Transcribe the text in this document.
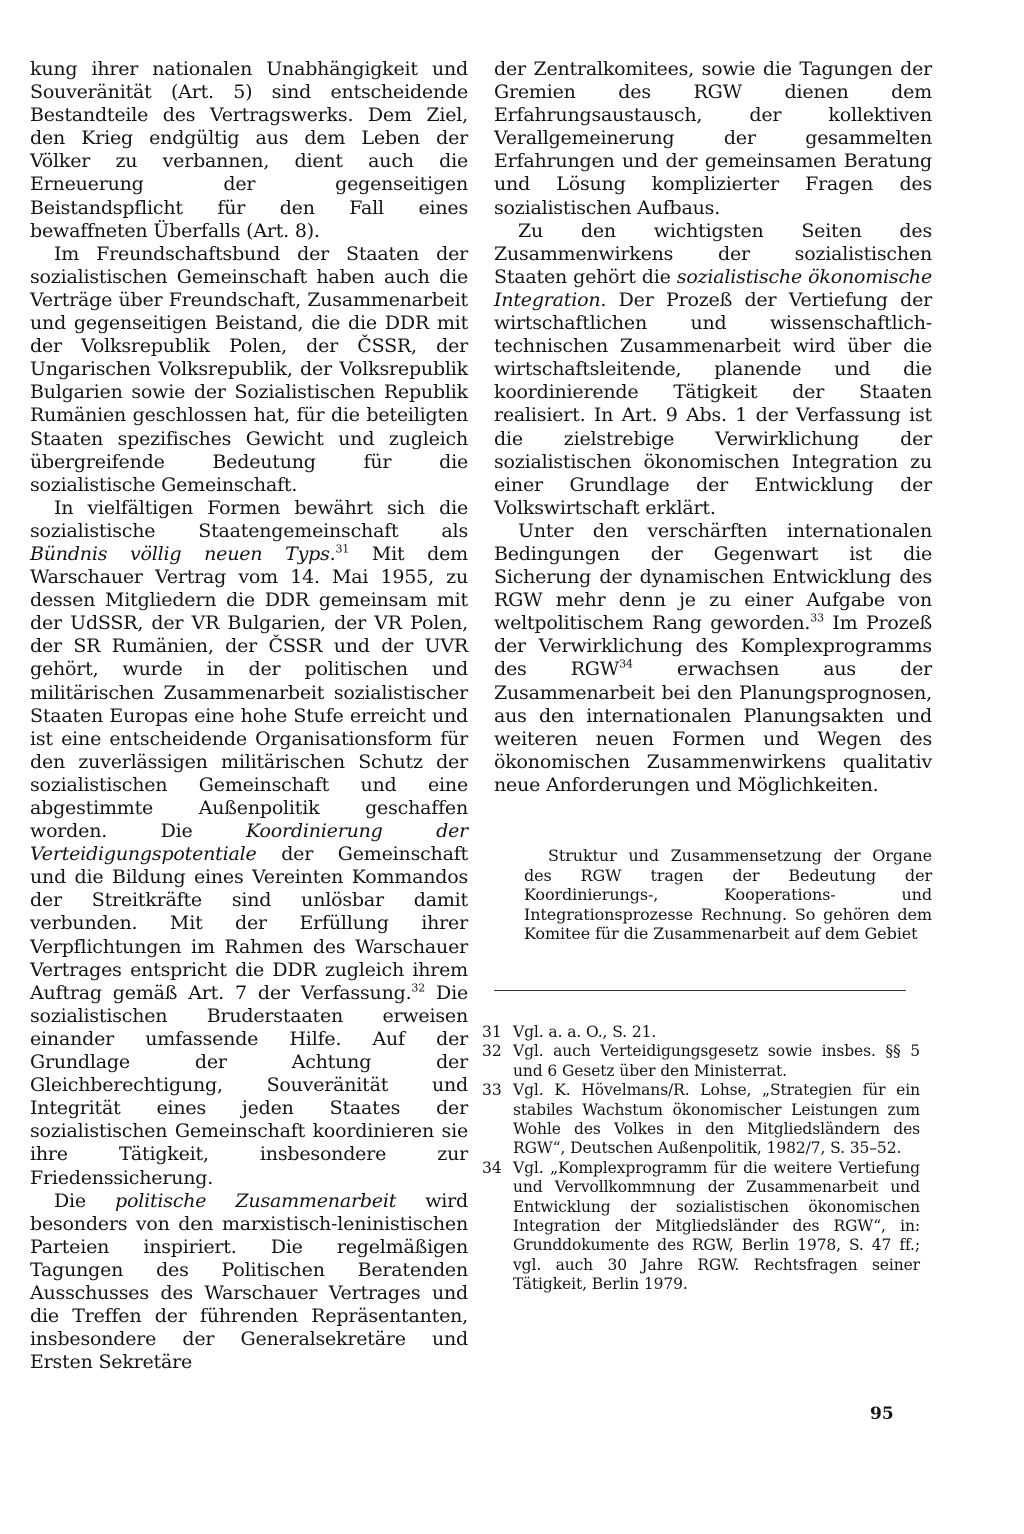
kung ihrer nationalen Unabhängigkeit und Souveränität (Art. 5) sind entscheidende Bestandteile des Vertragswerks. Dem Ziel, den Krieg endgültig aus dem Leben der Völker zu verbannen, dient auch die Erneuerung der gegenseitigen Beistandspflicht für den Fall eines bewaffneten Überfalls (Art. 8).

Im Freundschaftsbund der Staaten der sozialistischen Gemeinschaft haben auch die Verträge über Freundschaft, Zusammenarbeit und gegenseitigen Beistand, die die DDR mit der Volksrepublik Polen, der ČSSR, der Ungarischen Volksrepublik, der Volksrepublik Bulgarien sowie der Sozialistischen Republik Rumänien geschlossen hat, für die beteiligten Staaten spezifisches Gewicht und zugleich übergreifende Bedeutung für die sozialistische Gemeinschaft.

In vielfältigen Formen bewährt sich die sozialistische Staatengemeinschaft als Bündnis völlig neuen Typs.$^{31}$ Mit dem Warschauer Vertrag vom 14. Mai 1955, zu dessen Mitgliedern die DDR gemeinsam mit der UdSSR, der VR Bulgarien, der VR Polen, der SR Rumänien, der ČSSR und der UVR gehört, wurde in der politischen und militärischen Zusammenarbeit sozialistischer Staaten Europas eine hohe Stufe erreicht und ist eine entscheidende Organisationsform für den zuverlässigen militärischen Schutz der sozialistischen Gemeinschaft und eine abgestimmte Außenpolitik geschaffen worden. Die Koordinierung der Verteidigungspotentiale der Gemeinschaft und die Bildung eines Vereinten Kommandos der Streitkräfte sind unlösbar damit verbunden. Mit der Erfüllung ihrer Verpflichtungen im Rahmen des Warschauer Vertrages entspricht die DDR zugleich ihrem Auftrag gemäß Art. 7 der Verfassung.$^{32}$ Die sozialistischen Bruderstaaten erweisen einander umfassende Hilfe. Auf der Grundlage der Achtung der Gleichberechtigung, Souveränität und Integrität eines jeden Staates der sozialistischen Gemeinschaft koordinieren sie ihre Tätigkeit, insbesondere zur Friedenssicherung.

Die politische Zusammenarbeit wird besonders von den marxistisch-leninistischen Parteien inspiriert. Die regelmäßigen Tagungen des Politischen Beratenden Ausschusses des Warschauer Vertrages und die Treffen der führenden Repräsentanten, insbesondere der Generalsekretäre und Ersten Sekretäre

der Zentralkomitees, sowie die Tagungen der Gremien des RGW dienen dem Erfahrungsaustausch, der kollektiven Verallgemeinerung der gesammelten Erfahrungen und der gemeinsamen Beratung und Lösung komplizierter Fragen des sozialistischen Aufbaus.

Zu den wichtigsten Seiten des Zusammenwirkens der sozialistischen Staaten gehört die sozialistische ökonomische Integration. Der Prozeß der Vertiefung der wirtschaftlichen und wissenschaftlich-technischen Zusammenarbeit wird über die wirtschaftsleitende, planende und die koordinierende Tätigkeit der Staaten realisiert. In Art. 9 Abs. 1 der Verfassung ist die zielstrebige Verwirklichung der sozialistischen ökonomischen Integration zu einer Grundlage der Entwicklung der Volkswirtschaft erklärt.

Unter den verschärften internationalen Bedingungen der Gegenwart ist die Sicherung der dynamischen Entwicklung des RGW mehr denn je zu einer Aufgabe von weltpolitischem Rang geworden.$^{33}$ Im Prozeß der Verwirklichung des Komplexprogramms des RGW$^{34}$ erwachsen aus der Zusammenarbeit bei den Planungsprognosen, aus den internationalen Planungsakten und weiteren neuen Formen und Wegen des ökonomischen Zusammenwirkens qualitativ neue Anforderungen und Möglichkeiten.

Struktur und Zusammensetzung der Organe des RGW tragen der Bedeutung der Koordinierungs-, Kooperations- und Integrationsprozesse Rechnung. So gehören dem Komitee für die Zusammenarbeit auf dem Gebiet

31 Vgl. a. a. O., S. 21.
32 Vgl. auch Verteidigungsgesetz sowie insbes. §§ 5 und 6 Gesetz über den Ministerrat.
33 Vgl. K. Hövelmans/R. Lohse, „Strategien für ein stabiles Wachstum ökonomischer Leistungen zum Wohle des Volkes in den Mitgliedsländern des RGW“, Deutschen Außenpolitik, 1982/7, S. 35–52.
34 Vgl. „Komplexprogramm für die weitere Vertiefung und Vervollkommnung der Zusammenarbeit und Entwicklung der sozialistischen ökonomischen Integration der Mitgliedsländer des RGW“, in: Grunddokumente des RGW, Berlin 1978, S. 47 ff.; vgl. auch 30 Jahre RGW. Rechtsfragen seiner Tätigkeit, Berlin 1979.
95
